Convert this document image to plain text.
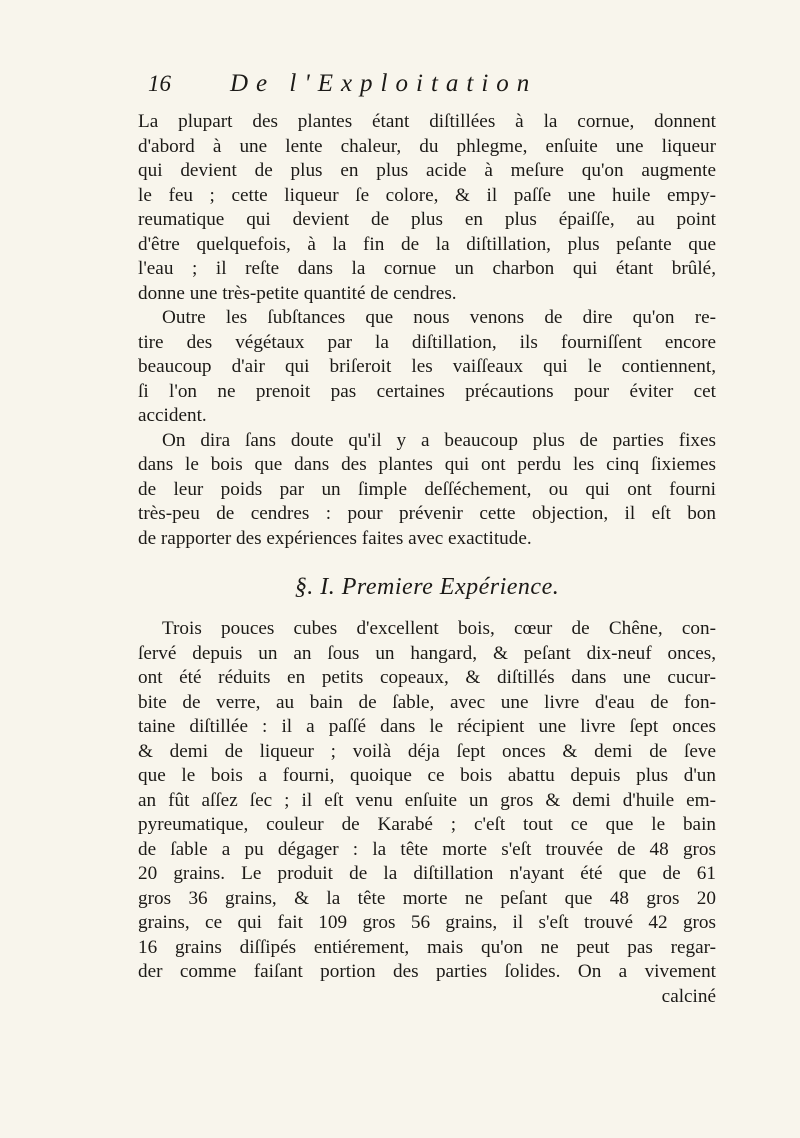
16	De l'Exploitation
La plupart des plantes étant diſtillées à la cornue, donnent
d'abord à une lente chaleur, du phlegme, enſuite une liqueur
qui devient de plus en plus acide à meſure qu'on augmente
le feu ; cette liqueur ſe colore, & il paſſe une huile empy-
reumatique qui devient de plus en plus épaiſſe, au point
d'être quelquefois, à la fin de la diſtillation, plus peſante que
l'eau ; il reſte dans la cornue un charbon qui étant brûlé,
donne une très-petite quantité de cendres.
Outre les ſubſtances que nous venons de dire qu'on re-
tire des végétaux par la diſtillation, ils fourniſſent encore
beaucoup d'air qui briſeroit les vaiſſeaux qui le contiennent,
ſi l'on ne prenoit pas certaines précautions pour éviter cet
accident.
On dira ſans doute qu'il y a beaucoup plus de parties fixes
dans le bois que dans des plantes qui ont perdu les cinq ſixiemes
de leur poids par un ſimple deſſéchement, ou qui ont fourni
très-peu de cendres : pour prévenir cette objection, il eſt bon
de rapporter des expériences faites avec exactitude.
§. I. Premiere Expérience.
Trois pouces cubes d'excellent bois, cœur de Chêne, con-
ſervé depuis un an ſous un hangard, & peſant dix-neuf onces,
ont été réduits en petits copeaux, & diſtillés dans une cucur-
bite de verre, au bain de ſable, avec une livre d'eau de fon-
taine diſtillée : il a paſſé dans le récipient une livre ſept onces
& demi de liqueur ; voilà déja ſept onces & demi de ſeve
que le bois a fourni, quoique ce bois abattu depuis plus d'un
an fût aſſez ſec ; il eſt venu enſuite un gros & demi d'huile em-
pyreumatique, couleur de Karabé ; c'eſt tout ce que le bain
de ſable a pu dégager : la tête morte s'eſt trouvée de 48 gros
20 grains. Le produit de la diſtillation n'ayant été que de 61
gros 36 grains, & la tête morte ne peſant que 48 gros 20
grains, ce qui fait 109 gros 56 grains, il s'eſt trouvé 42 gros
16 grains diſſipés entiérement, mais qu'on ne peut pas regar-
der comme faiſant portion des parties ſolides. On a vivement
calciné
